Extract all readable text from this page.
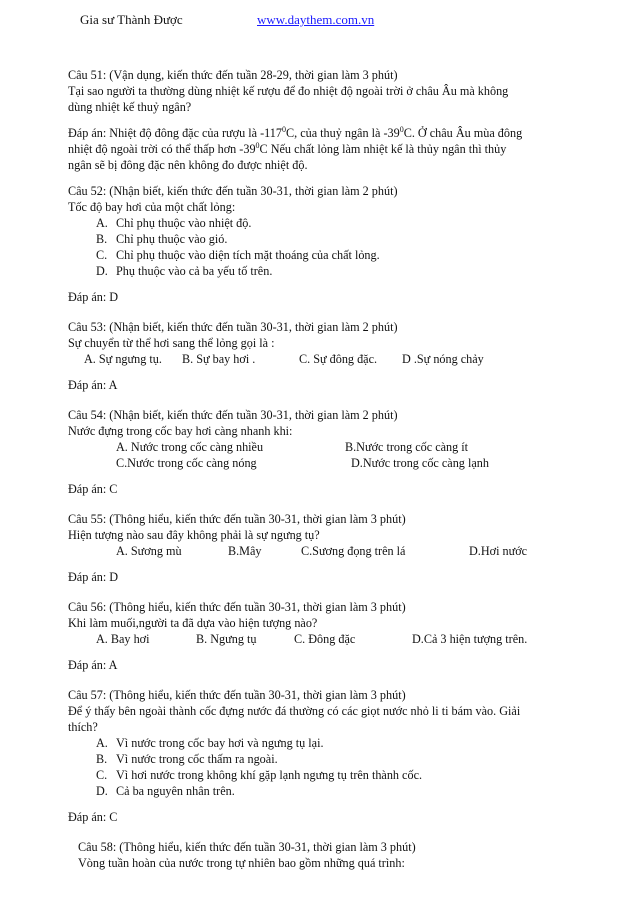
Gia sư Thành Được	www.daythem.com.vn
Câu 51: (Vận dụng, kiến thức đến tuần 28-29, thời gian làm 3 phút)
Tại sao người ta thường dùng nhiệt kế rượu để đo nhiệt độ ngoài trời ở châu Âu mà không
dùng nhiệt kế thuỷ ngân?
Đáp án: Nhiệt độ đông đặc của rượu là $-117^0C$, của thuỷ ngân là $-39^0C$. Ở châu Âu mùa đông
nhiệt độ ngoài trời có thể thấp hơn $-39^0C$ Nếu chất lỏng làm nhiệt kế là thủy ngân thì thủy
ngân sẽ bị đông đặc nên không đo được nhiệt độ.
Câu 52: (Nhận biết, kiến thức đến tuần 30-31, thời gian làm 2 phút)
Tốc độ bay hơi của một chất lỏng:
A. Chỉ phụ thuộc vào nhiệt độ.
B. Chỉ phụ thuộc vào gió.
C. Chỉ phụ thuộc vào diện tích mặt thoáng của chất lỏng.
D. Phụ thuộc vào cả ba yếu tố trên.
Đáp án: D
Câu 53: (Nhận biết, kiến thức đến tuần 30-31, thời gian làm 2 phút)
Sự chuyển từ thể hơi sang thể lỏng gọi là :
A. Sự ngưng tụ. B. Sự bay hơi .	C. Sự đông đặc. D .Sự nóng chảy
Đáp án: A
Câu 54: (Nhận biết, kiến thức đến tuần 30-31, thời gian làm 2 phút)
Nước đựng trong cốc bay hơi càng nhanh khi:
A. Nước trong cốc càng nhiều	B.Nước trong cốc càng ít
C.Nước trong cốc càng nóng	D.Nước trong cốc càng lạnh
Đáp án: C
Câu 55: (Thông hiểu, kiến thức đến tuần 30-31, thời gian làm 3 phút)
Hiện tượng nào sau đây không phải là sự ngưng tụ?
A. Sương mù	B.Mây	C.Sương đọng trên lá	D.Hơi nước
Đáp án: D
Câu 56: (Thông hiểu, kiến thức đến tuần 30-31, thời gian làm 3 phút)
Khi làm muối,người ta đã dựa vào hiện tượng nào?
A. Bay hơi	B. Ngưng tụ	C. Đông đặc	D.Cả 3 hiện tượng trên.
Đáp án: A
Câu 57: (Thông hiểu, kiến thức đến tuần 30-31, thời gian làm 3 phút)
Để ý thấy bên ngoài thành cốc đựng nước đá thường có các giọt nước nhỏ li ti bám vào. Giải
thích?
A. Vì nước trong cốc bay hơi và ngưng tụ lại.
B. Vì nước trong cốc thấm ra ngoài.
C. Vì hơi nước trong không khí gặp lạnh ngưng tụ trên thành cốc.
D. Cả ba nguyên nhân trên.
Đáp án: C
Câu 58: (Thông hiểu, kiến thức đến tuần 30-31, thời gian làm 3 phút)
Vòng tuần hoàn của nước trong tự nhiên bao gồm những quá trình:
